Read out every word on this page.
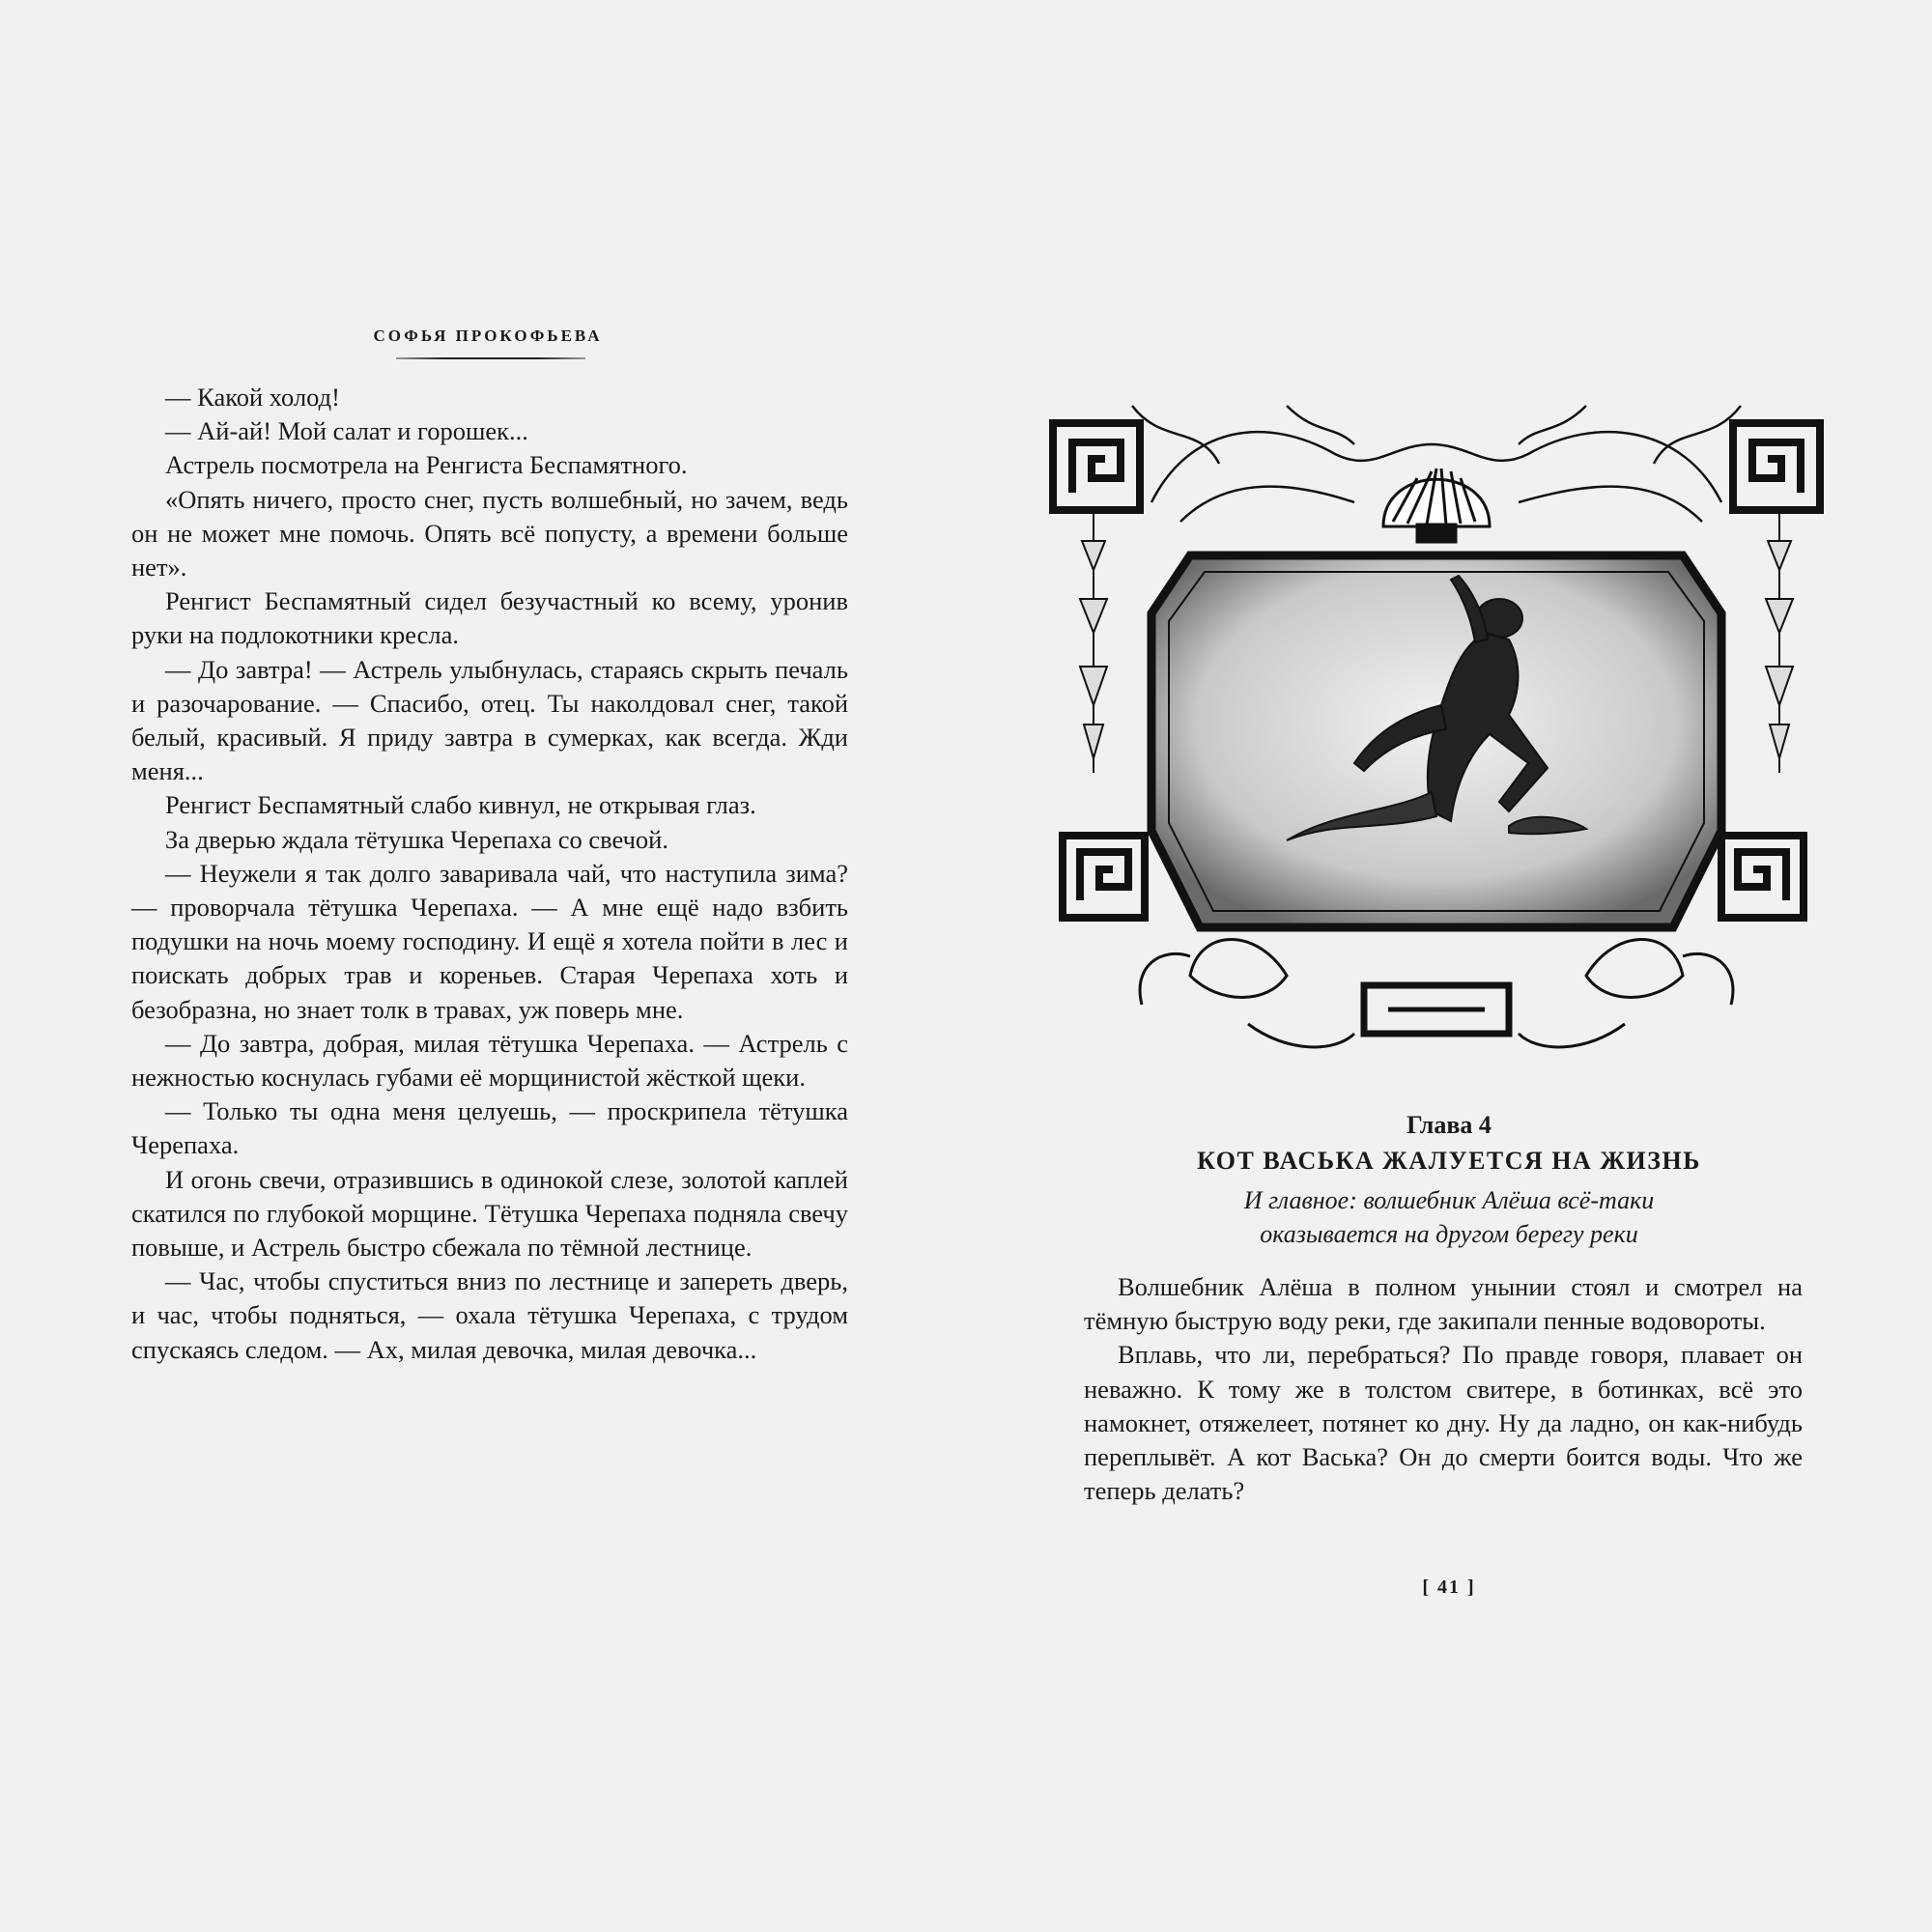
СОФЬЯ ПРОКОФЬЕВА

— Какой холод!

— Ай-ай! Мой салат и горошек...

Астрель посмотрела на Ренгиста Беспамятного.

«Опять ничего, просто снег, пусть волшебный, но зачем, ведь он не может мне помочь. Опять всё попусту, а времени больше нет».

Ренгист Беспамятный сидел безучастный ко всему, уронив руки на подлокотники кресла.

— До завтра! — Астрель улыбнулась, стараясь скрыть печаль и разочарование. — Спасибо, отец. Ты наколдовал снег, такой белый, красивый. Я приду завтра в сумерках, как всегда. Жди меня...

Ренгист Беспамятный слабо кивнул, не открывая глаз.

За дверью ждала тётушка Черепаха со свечой.

— Неужели я так долго заваривала чай, что наступила зима? — проворчала тётушка Черепаха. — А мне ещё надо взбить подушки на ночь моему господину. И ещё я хотела пойти в лес и поискать добрых трав и кореньев. Старая Черепаха хоть и безобразна, но знает толк в травах, уж поверь мне.

— До завтра, добрая, милая тётушка Черепаха. — Астрель с нежностью коснулась губами её морщинистой жёсткой щеки.

— Только ты одна меня целуешь, — проскрипела тётушка Черепаха.

И огонь свечи, отразившись в одинокой слезе, золотой каплей скатился по глубокой морщине. Тётушка Черепаха подняла свечу повыше, и Астрель быстро сбежала по тёмной лестнице.

— Час, чтобы спуститься вниз по лестнице и запереть дверь, и час, чтобы подняться, — охала тётушка Черепаха, с трудом спускаясь следом. — Ах, милая девочка, милая девочка...

Глава 4
КОТ ВАСЬКА ЖАЛУЕТСЯ НА ЖИЗНЬ
И главное: волшебник Алёша всё-таки
оказывается на другом берегу реки

Волшебник Алёша в полном унынии стоял и смотрел на тёмную быструю воду реки, где закипали пенные водовороты.

Вплавь, что ли, перебраться? По правде говоря, плавает он неважно. К тому же в толстом свитере, в ботинках, всё это намокнет, отяжелеет, потянет ко дну. Ну да ладно, он как-нибудь переплывёт. А кот Васька? Он до смерти боится воды. Что же теперь делать?

[ 41 ]
